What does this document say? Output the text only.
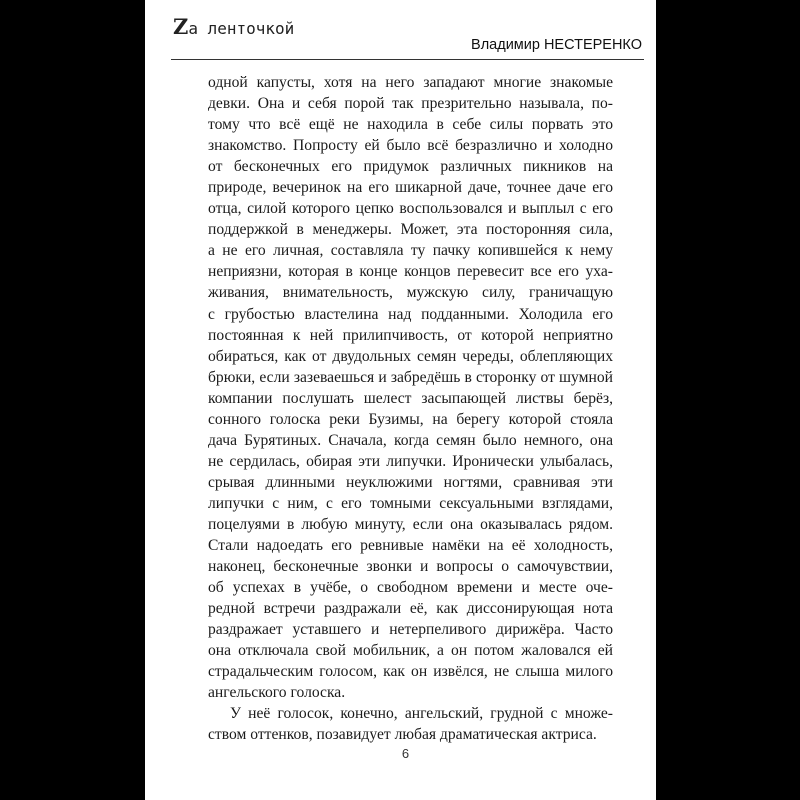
Zа ленточкой
Владимир НЕСТЕРЕНКО
одной капусты, хотя на него западают многие знакомые
девки. Она и себя порой так презрительно называла, по-
тому что всё ещё не находила в себе силы порвать это
знакомство. Попросту ей было всё безразлично и холодно
от бесконечных его придумок различных пикников на
природе, вечеринок на его шикарной даче, точнее даче его
отца, силой которого цепко воспользовался и выплыл с его
поддержкой в менеджеры. Может, эта посторонняя сила,
а не его личная, составляла ту пачку копившейся к нему
неприязни, которая в конце концов перевесит все его уха-
живания, внимательность, мужскую силу, граничащую
с грубостью властелина над подданными. Холодила его
постоянная к ней прилипчивость, от которой неприятно
обираться, как от двудольных семян череды, облепляющих
брюки, если зазеваешься и забредёшь в сторонку от шумной
компании послушать шелест засыпающей листвы берёз,
сонного голоска реки Бузимы, на берегу которой стояла
дача Бурятиных. Сначала, когда семян было немного, она
не сердилась, обирая эти липучки. Иронически улыбалась,
срывая длинными неуклюжими ногтями, сравнивая эти
липучки с ним, с его томными сексуальными взглядами,
поцелуями в любую минуту, если она оказывалась рядом.
Стали надоедать его ревнивые намёки на её холодность,
наконец, бесконечные звонки и вопросы о самочувствии,
об успехах в учёбе, о свободном времени и месте оче-
редной встречи раздражали её, как диссонирующая нота
раздражает уставшего и нетерпеливого дирижёра. Часто
она отключала свой мобильник, а он потом жаловался ей
страдальческим голосом, как он извёлся, не слыша милого
ангельского голоска.
У неё голосок, конечно, ангельский, грудной с множе-
ством оттенков, позавидует любая драматическая актриса.
6
